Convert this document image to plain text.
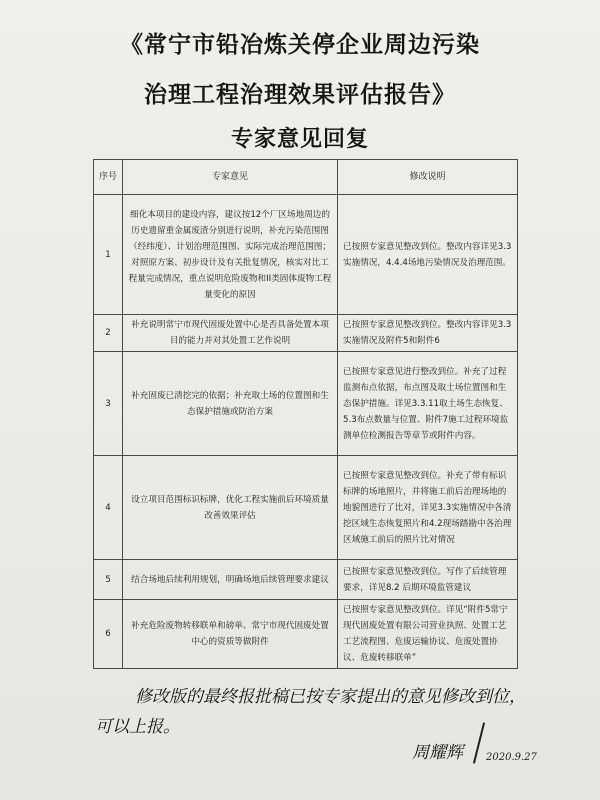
《常宁市铅冶炼关停企业周边污染
治理工程治理效果评估报告》
专家意见回复
序号	专家意见	修改说明
1	细化本项目的建设内容，建议按12个厂区场地周边的历史遗留重金属废渣分别进行说明，补充污染范围图（经纬度）、计划治理范围图、实际完成治理范围图；对照原方案、初步设计及有关批复情况，核实对比工程量完成情况，重点说明危险废物和II类固体废物工程量变化的原因	已按照专家意见整改到位。整改内容详见3.3实施情况，4.4.4场地污染情况及治理范围。
2	补充说明常宁市现代固废处置中心是否具备处置本项目的能力并对其处置工艺作说明	已按照专家意见整改到位。整改内容详见3.3实施情况及附件5和附件6
3	补充固废已清挖完的依据；补充取土场的位置图和生态保护措施或防治方案	已按照专家意见进行整改到位。补充了过程监测布点依据，布点图及取土场位置图和生态保护措施。详见3.3.11取土场生态恢复、5.3布点数量与位置、附件7施工过程环境监测单位检测报告等章节或附件内容。
4	设立项目范围标识标牌，优化工程实施前后环境质量改善效果评估	已按照专家意见整改到位。补充了带有标识标牌的场地照片，并将施工前后治理场地的地貌图进行了比对，详见3.3实施情况中各清挖区域生态恢复照片和4.2现场踏勘中各治理区域施工前后的照片比对情况
5	结合场地后续利用规划，明确场地后续管理要求建议	已按照专家意见整改到位。写作了后续管理要求，详见8.2 后期环境监管建议
6	补充危险废物转移联单和磅单、常宁市现代固废处置中心的资质等做附件	已按照专家意见整改到位。详见“附件5常宁现代固废处置有限公司营业执照、处置工艺工艺流程图、危废运输协议、危废处置协议、危废转移联单”
修改版的最终报批稿已按专家提出的意见修改到位，
可以上报。
周耀辉 2020.9.27
